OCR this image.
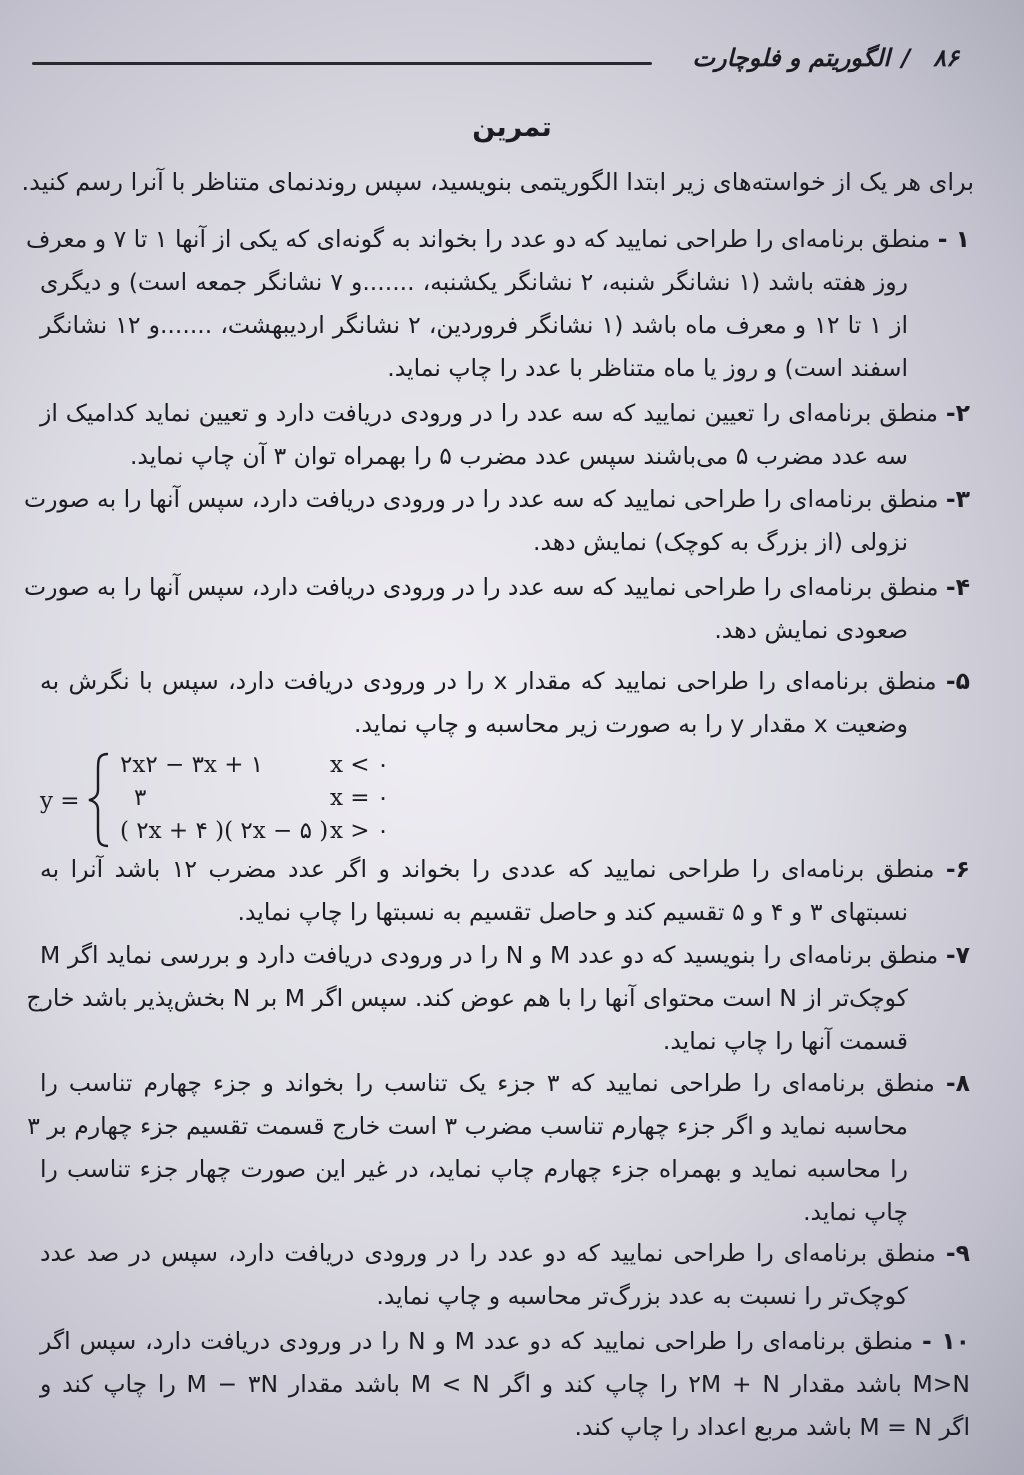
الگوریتم و فلوچارت / ۸۶
تمرین
برای هر یک از خواسته‌های زیر ابتدا الگوریتمی بنویسید، سپس روندنمای متناظر با آنرا رسم کنید.
۱ - منطق برنامه‌ای را طراحی نمایید که دو عدد را بخواند به گونه‌ای که یکی از آنها ۱ تا ۷ و معرف
روز هفته باشد (۱ نشانگر شنبه، ۲ نشانگر یکشنبه، .......و ۷ نشانگر جمعه است) و دیگری
از ۱ تا ۱۲ و معرف ماه باشد (۱ نشانگر فروردین، ۲ نشانگر اردیبهشت، .......و ۱۲ نشانگر
اسفند است) و روز یا ماه متناظر با عدد را چاپ نماید.
۲- منطق برنامه‌ای را تعیین نمایید که سه عدد را در ورودی دریافت دارد و تعیین نماید کدامیک از
سه عدد مضرب ۵ می‌باشند سپس عدد مضرب ۵ را بهمراه توان ۳ آن چاپ نماید.
۳- منطق برنامه‌ای را طراحی نمایید که سه عدد را در ورودی دریافت دارد، سپس آنها را به صورت
نزولی (از بزرگ به کوچک) نمایش دهد.
۴- منطق برنامه‌ای را طراحی نمایید که سه عدد را در ورودی دریافت دارد، سپس آنها را به صورت
صعودی نمایش دهد.
۵- منطق برنامه‌ای را طراحی نمایید که مقدار x را در ورودی دریافت دارد، سپس با نگرش به
وضعیت x مقدار y را به صورت زیر محاسبه و چاپ نماید.
y =
۲x۲ − ۳x + ۱	x < ۰
۳	x = ۰
( ۲x + ۴ )( ۲x − ۵ ) x > ۰
۶- منطق برنامه‌ای را طراحی نمایید که عددی را بخواند و اگر عدد مضرب ۱۲ باشد آنرا به
نسبتهای ۳ و ۴ و ۵ تقسیم کند و حاصل تقسیم به نسبتها را چاپ نماید.
۷- منطق برنامه‌ای را بنویسید که دو عدد M و N را در ورودی دریافت دارد و بررسی نماید اگر M
کوچک‌تر از N است محتوای آنها را با هم عوض کند. سپس اگر M بر N بخش‌پذیر باشد خارج
قسمت آنها را چاپ نماید.
۸- منطق برنامه‌ای را طراحی نمایید که ۳ جزء یک تناسب را بخواند و جزء چهارم تناسب را
محاسبه نماید و اگر جزء چهارم تناسب مضرب ۳ است خارج قسمت تقسیم جزء چهارم بر ۳
را محاسبه نماید و بهمراه جزء چهارم چاپ نماید، در غیر این صورت چهار جزء تناسب را
چاپ نماید.
۹- منطق برنامه‌ای را طراحی نمایید که دو عدد را در ورودی دریافت دارد، سپس در صد عدد
کوچک‌تر را نسبت به عدد بزرگ‌تر محاسبه و چاپ نماید.
۱۰ - منطق برنامه‌ای را طراحی نمایید که دو عدد M و N را در ورودی دریافت دارد، سپس اگر
M>N باشد مقدار ۲M + N را چاپ کند و اگر M < N باشد مقدار M − ۳N را چاپ کند و
اگر M = N باشد مربع اعداد را چاپ کند.
